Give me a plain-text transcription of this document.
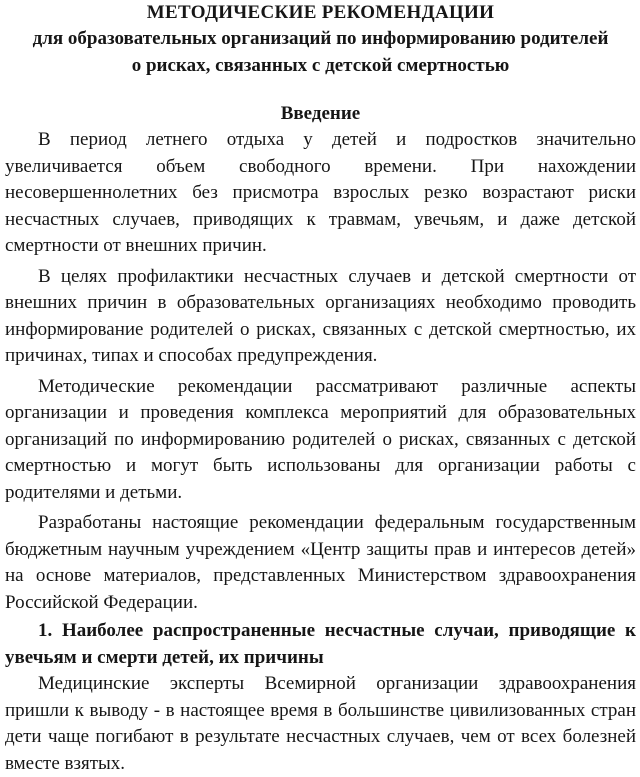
МЕТОДИЧЕСКИЕ РЕКОМЕНДАЦИИ
для образовательных организаций по информированию родителей
о рисках, связанных с детской смертностью
Введение

В период летнего отдыха у детей и подростков значительно увеличивается объем свободного времени. При нахождении несовершеннолетних без присмотра взрослых резко возрастают риски несчастных случаев, приводящих к травмам, увечьям, и даже детской смертности от внешних причин.

В целях профилактики несчастных случаев и детской смертности от внешних причин в образовательных организациях необходимо проводить информирование родителей о рисках, связанных с детской смертностью, их причинах, типах и способах предупреждения.

Методические рекомендации рассматривают различные аспекты организации и проведения комплекса мероприятий для образовательных организаций по информированию родителей о рисках, связанных с детской смертностью и могут быть использованы для организации работы с родителями и детьми.

Разработаны настоящие рекомендации федеральным государственным бюджетным научным учреждением «Центр защиты прав и интересов детей» на основе материалов, представленных Министерством здравоохранения Российской Федерации.

1. Наиболее распространенные несчастные случаи, приводящие к увечьям и смерти детей, их причины

Медицинские эксперты Всемирной организации здравоохранения пришли к выводу - в настоящее время в большинстве цивилизованных стран дети чаще погибают в результате несчастных случаев, чем от всех болезней вместе взятых.
